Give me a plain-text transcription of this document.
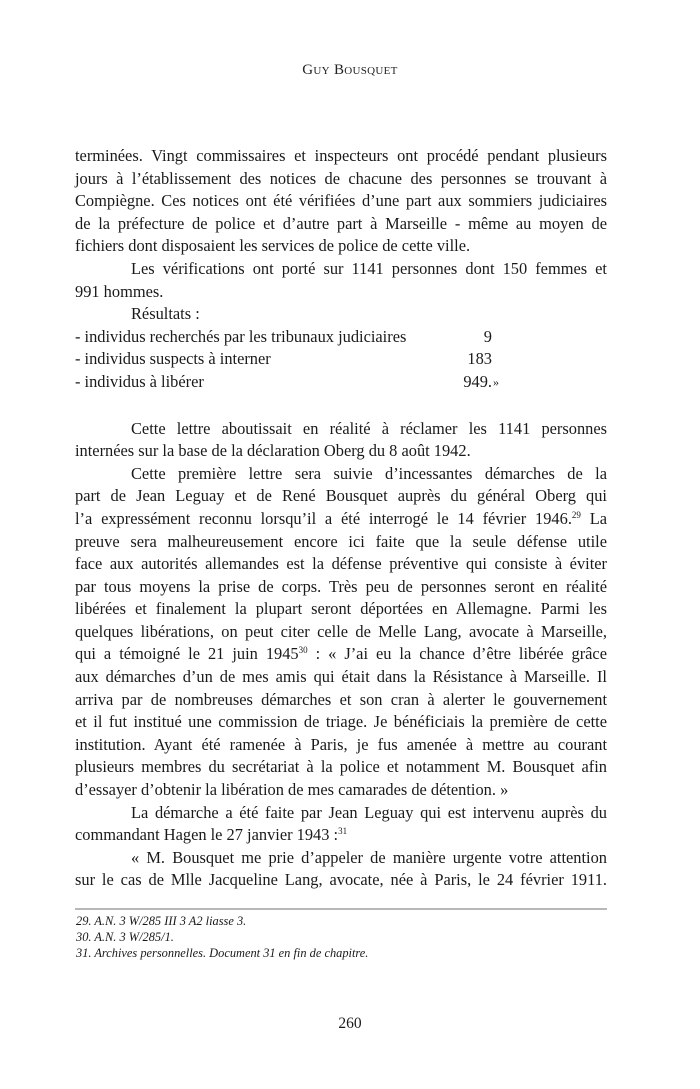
Guy Bousquet
terminées. Vingt commissaires et inspecteurs ont procédé pendant plusieurs
jours à l’établissement des notices de chacune des personnes se trouvant à
Compiègne. Ces notices ont été vérifiées d’une part aux sommiers judiciaires
de la préfecture de police et d’autre part à Marseille - même au moyen de
fichiers dont disposaient les services de police de cette ville.
Les vérifications ont porté sur 1141 personnes dont 150 femmes et
991 hommes.
Résultats :
- individus recherchés par les tribunaux judiciaires	9
- individus suspects à interner	183
- individus à libérer	949. »
Cette lettre aboutissait en réalité à réclamer les 1141 personnes
internées sur la base de la déclaration Oberg du 8 août 1942.
Cette première lettre sera suivie d’incessantes démarches de la
part de Jean Leguay et de René Bousquet auprès du général Oberg qui
l’a expressément reconnu lorsqu’il a été interrogé le 14 février 1946.29 La
preuve sera malheureusement encore ici faite que la seule défense utile
face aux autorités allemandes est la défense préventive qui consiste à éviter
par tous moyens la prise de corps. Très peu de personnes seront en réalité
libérées et finalement la plupart seront déportées en Allemagne. Parmi les
quelques libérations, on peut citer celle de Melle Lang, avocate à Marseille,
qui a témoigné le 21 juin 1945$^{30}$ : « J’ai eu la chance d’être libérée grâce
aux démarches d’un de mes amis qui était dans la Résistance à Marseille. Il
arriva par de nombreuses démarches et son cran à alerter le gouvernement
et il fut institué une commission de triage. Je bénéficiais la première de cette
institution. Ayant été ramenée à Paris, je fus amenée à mettre au courant
plusieurs membres du secrétariat à la police et notamment M. Bousquet afin
d’essayer d’obtenir la libération de mes camarades de détention. »
La démarche a été faite par Jean Leguay qui est intervenu auprès du
commandant Hagen le 27 janvier 1943 :$^{31}$
« M. Bousquet me prie d’appeler de manière urgente votre attention
sur le cas de Mlle Jacqueline Lang, avocate, née à Paris, le 24 février 1911.
29. A.N. 3 W/285 III 3 A2 liasse 3.
30. A.N. 3 W/285/1.
31. Archives personnelles. Document 31 en fin de chapitre.
260
